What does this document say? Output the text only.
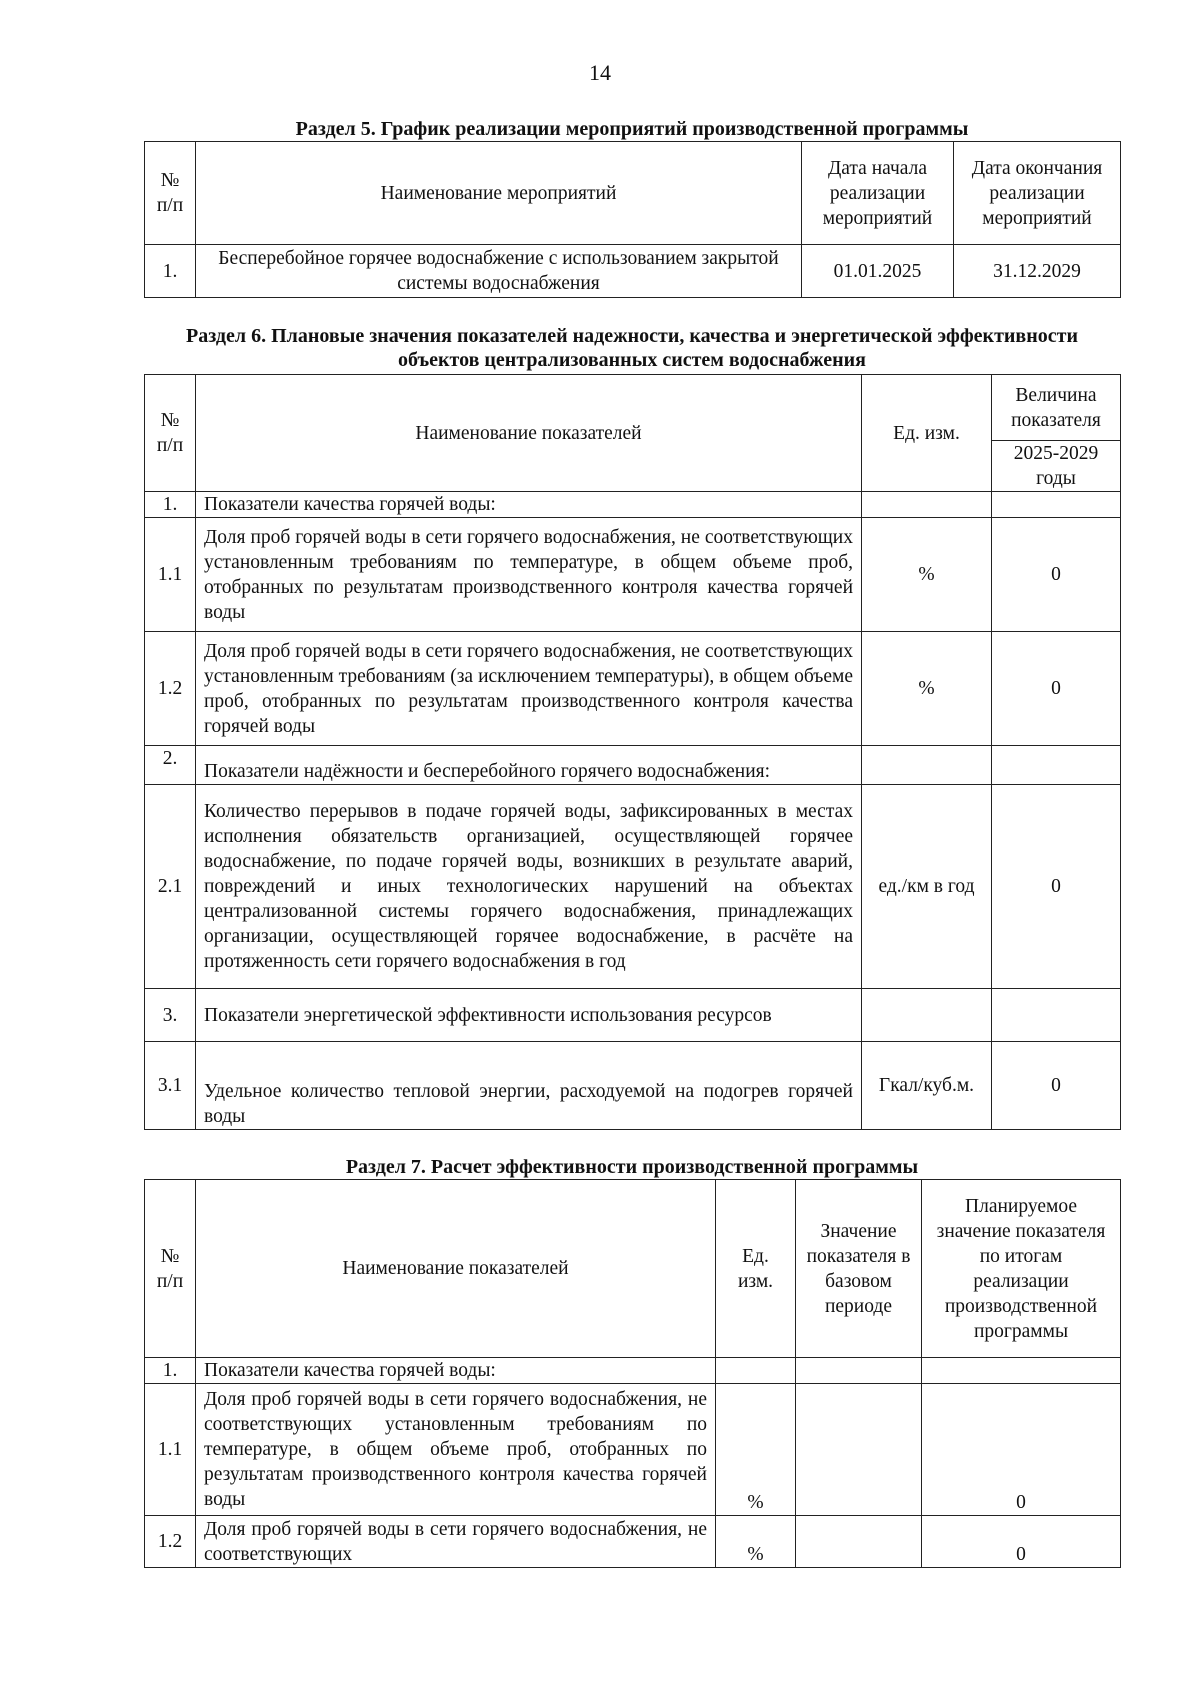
14
Раздел 5. График реализации мероприятий производственной программы
№ п/п	Наименование мероприятий	Дата начала реализации мероприятий	Дата окончания реализации мероприятий
1.	Бесперебойное горячее водоснабжение с использованием закрытой системы водоснабжения	01.01.2025	31.12.2029
Раздел 6. Плановые значения показателей надежности, качества и энергетической эффективности объектов централизованных систем водоснабжения
№ п/п	Наименование показателей	Ед. изм.	Величина показателя
			2025-2029 годы
1.	Показатели качества горячей воды:		
1.1	Доля проб горячей воды в сети горячего водоснабжения, не соответствующих установленным требованиям по температуре, в общем объеме проб, отобранных по результатам производственного контроля качества горячей воды	%	0
1.2	Доля проб горячей воды в сети горячего водоснабжения, не соответствующих установленным требованиям (за исключением температуры), в общем объеме проб, отобранных по результатам производственного контроля качества горячей воды	%	0
2.	Показатели надёжности и бесперебойного горячего водоснабжения:		
2.1	Количество перерывов в подаче горячей воды, зафиксированных в местах исполнения обязательств организацией, осуществляющей горячее водоснабжение, по подаче горячей воды, возникших в результате аварий, повреждений и иных технологических нарушений на объектах централизованной системы горячего водоснабжения, принадлежащих организации, осуществляющей горячее водоснабжение, в расчёте на протяженность сети горячего водоснабжения в год	ед./км в год	0
3.	Показатели энергетической эффективности использования ресурсов		
3.1	Удельное количество тепловой энергии, расходуемой на подогрев горячей воды	Гкал/куб.м.	0
Раздел 7. Расчет эффективности производственной программы
№ п/п	Наименование показателей	Ед. изм.	Значение показателя в базовом периоде	Планируемое значение показателя по итогам реализации производственной программы
1.	Показатели качества горячей воды:			
1.1	Доля проб горячей воды в сети горячего водоснабжения, не соответствующих установленным требованиям по температуре, в общем объеме проб, отобранных по результатам производственного контроля качества горячей воды	%		0
1.2	Доля проб горячей воды в сети горячего водоснабжения, не соответствующих	%		0
